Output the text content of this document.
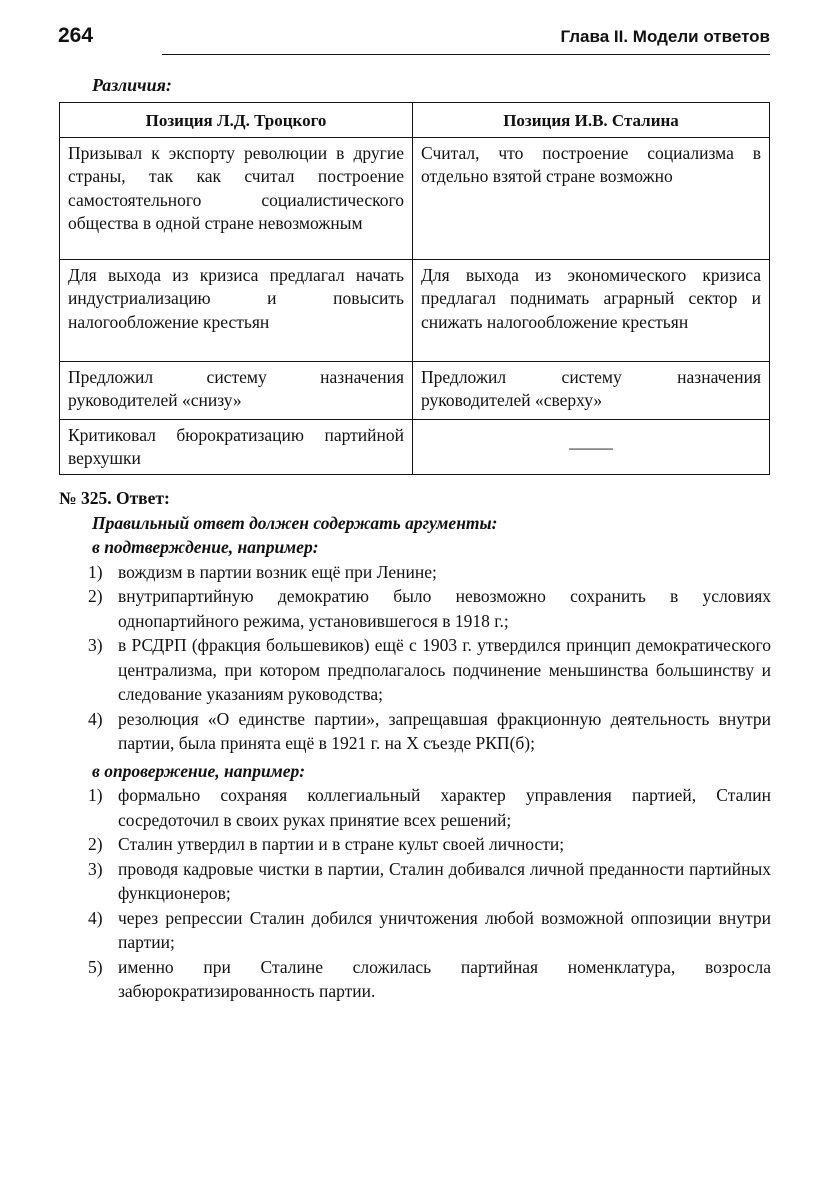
264	Глава II. Модели ответов
Различия:
Позиция Л.Д. Троцкого	Позиция И.В. Сталина
Призывал к экспорту революции в другие страны, так как считал построение самостоятельного социалистического общества в одной стране невозможным	Считал, что построение социализма в отдельно взятой стране возможно
Для выхода из кризиса предлагал начать индустриализацию и повысить налогообложение крестьян	Для выхода из экономического кризиса предлагал поднимать аграрный сектор и снижать налогообложение крестьян
Предложил систему назначения руководителей «снизу»	Предложил систему назначения руководителей «сверху»
Критиковал бюрократизацию партийной верхушки	_____
№ 325. Ответ:
Правильный ответ должен содержать аргументы:
в подтверждение, например:
1) вождизм в партии возник ещё при Ленине;
2) внутрипартийную демократию было невозможно сохранить в условиях однопартийного режима, установившегося в 1918 г.;
3) в РСДРП (фракция большевиков) ещё с 1903 г. утвердился принцип демократического централизма, при котором предполагалось подчинение меньшинства большинству и следование указаниям руководства;
4) резолюция «О единстве партии», запрещавшая фракционную деятельность внутри партии, была принята ещё в 1921 г. на X съезде РКП(б);
в опровержение, например:
1) формально сохраняя коллегиальный характер управления партией, Сталин сосредоточил в своих руках принятие всех решений;
2) Сталин утвердил в партии и в стране культ своей личности;
3) проводя кадровые чистки в партии, Сталин добивался личной преданности партийных функционеров;
4) через репрессии Сталин добился уничтожения любой возможной оппозиции внутри партии;
5) именно при Сталине сложилась партийная номенклатура, возросла забюрократизированность партии.
